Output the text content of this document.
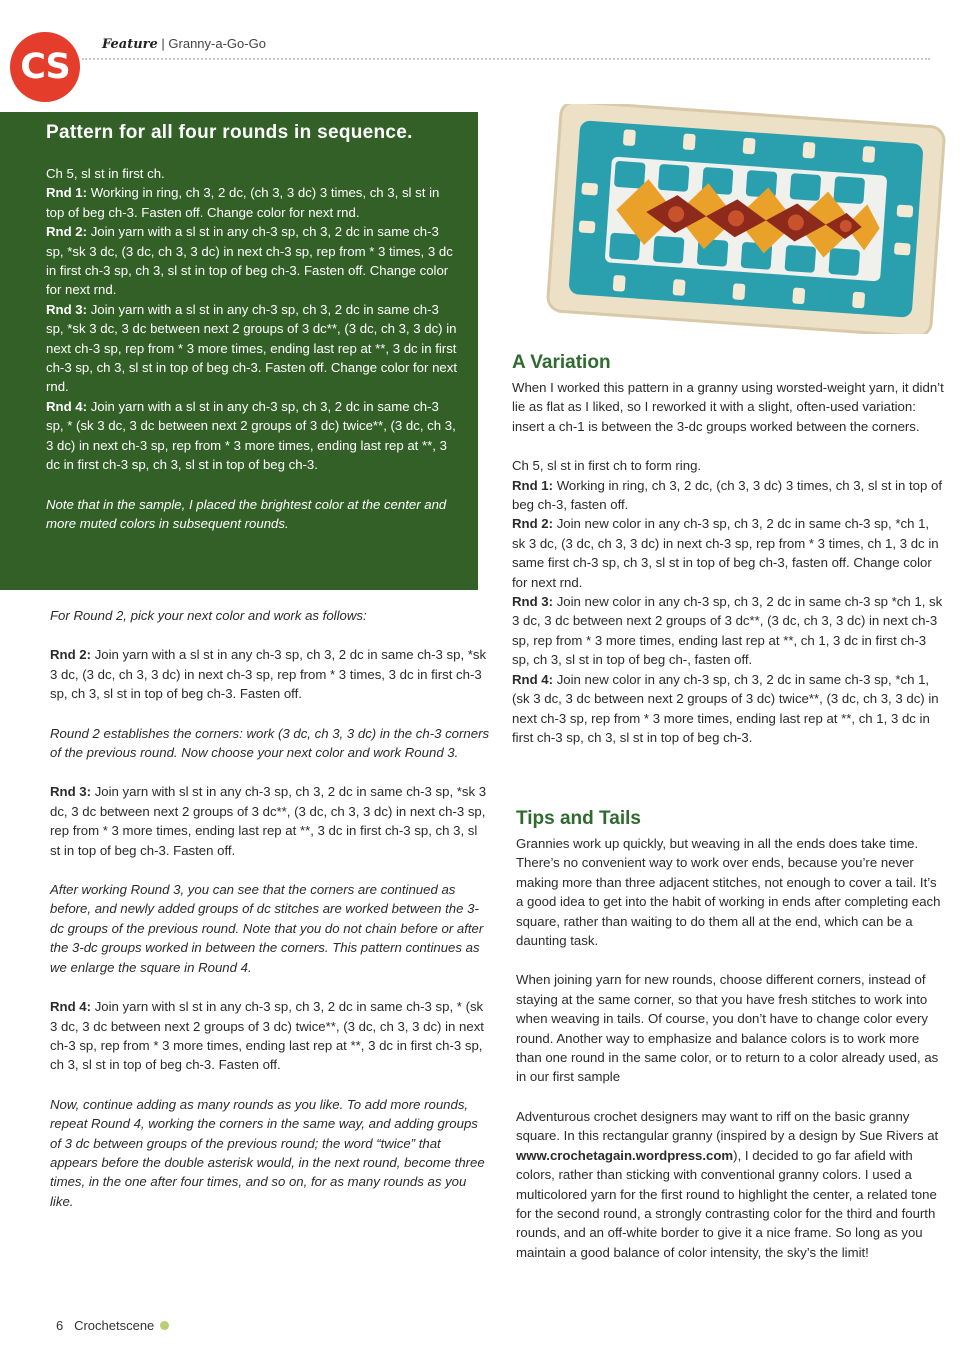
CS
Feature | Granny-a-Go-Go
Pattern for all four rounds in sequence.

Ch 5, sl st in first ch.

Rnd 1: Working in ring, ch 3, 2 dc, (ch 3, 3 dc) 3 times, ch 3, sl st in top of beg ch-3. Fasten off. Change color for next rnd.

Rnd 2: Join yarn with a sl st in any ch-3 sp, ch 3, 2 dc in same ch-3 sp, *sk 3 dc, (3 dc, ch 3, 3 dc) in next ch-3 sp, rep from * 3 times, 3 dc in first ch-3 sp, ch 3, sl st in top of beg ch-3. Fasten off. Change color for next rnd.

Rnd 3: Join yarn with a sl st in any ch-3 sp, ch 3, 2 dc in same ch-3 sp, *sk 3 dc, 3 dc between next 2 groups of 3 dc**, (3 dc, ch 3, 3 dc) in next ch-3 sp, rep from * 3 more times, ending last rep at **, 3 dc in first ch-3 sp, ch 3, sl st in top of beg ch-3. Fasten off. Change color for next rnd.

Rnd 4: Join yarn with a sl st in any ch-3 sp, ch 3, 2 dc in same ch-3 sp, * (sk 3 dc, 3 dc between next 2 groups of 3 dc) twice**, (3 dc, ch 3, 3 dc) in next ch-3 sp, rep from * 3 more times, ending last rep at **, 3 dc in first ch-3 sp, ch 3, sl st in top of beg ch-3.

Note that in the sample, I placed the brightest color at the center and more muted colors in subsequent rounds.

For Round 2, pick your next color and work as follows:

Rnd 2: Join yarn with a sl st in any ch-3 sp, ch 3, 2 dc in same ch-3 sp, *sk 3 dc, (3 dc, ch 3, 3 dc) in next ch-3 sp, rep from * 3 times, 3 dc in first ch-3 sp, ch 3, sl st in top of beg ch-3. Fasten off.

Round 2 establishes the corners: work (3 dc, ch 3, 3 dc) in the ch-3 corners of the previous round. Now choose your next color and work Round 3.

Rnd 3: Join yarn with sl st in any ch-3 sp, ch 3, 2 dc in same ch-3 sp, *sk 3 dc, 3 dc between next 2 groups of 3 dc**, (3 dc, ch 3, 3 dc) in next ch-3 sp, rep from * 3 more times, ending last rep at **, 3 dc in first ch-3 sp, ch 3, sl st in top of beg ch-3. Fasten off.

After working Round 3, you can see that the corners are continued as before, and newly added groups of dc stitches are worked between the 3-dc groups of the previous round. Note that you do not chain before or after the 3-dc groups worked in between the corners. This pattern continues as we enlarge the square in Round 4.

Rnd 4: Join yarn with sl st in any ch-3 sp, ch 3, 2 dc in same ch-3 sp, * (sk 3 dc, 3 dc between next 2 groups of 3 dc) twice**, (3 dc, ch 3, 3 dc) in next ch-3 sp, rep from * 3 more times, ending last rep at **, 3 dc in first ch-3 sp, ch 3, sl st in top of beg ch-3. Fasten off.

Now, continue adding as many rounds as you like. To add more rounds, repeat Round 4, working the corners in the same way, and adding groups of 3 dc between groups of the previous round; the word “twice” that appears before the double asterisk would, in the next round, become three times, in the one after four times, and so on, for as many rounds as you like.

A Variation

When I worked this pattern in a granny using worsted-weight yarn, it didn’t lie as flat as I liked, so I reworked it with a slight, often-used variation: insert a ch-1 is between the 3-dc groups worked between the corners.

Ch 5, sl st in first ch to form ring.

Rnd 1: Working in ring, ch 3, 2 dc, (ch 3, 3 dc) 3 times, ch 3, sl st in top of beg ch-3, fasten off.

Rnd 2: Join new color in any ch-3 sp, ch 3, 2 dc in same ch-3 sp, *ch 1, sk 3 dc, (3 dc, ch 3, 3 dc) in next ch-3 sp, rep from * 3 times, ch 1, 3 dc in same first ch-3 sp, ch 3, sl st in top of beg ch-3, fasten off. Change color for next rnd.

Rnd 3: Join new color in any ch-3 sp, ch 3, 2 dc in same ch-3 sp *ch 1, sk 3 dc, 3 dc between next 2 groups of 3 dc**, (3 dc, ch 3, 3 dc) in next ch-3 sp, rep from * 3 more times, ending last rep at **, ch 1, 3 dc in first ch-3 sp, ch 3, sl st in top of beg ch-, fasten off.

Rnd 4: Join new color in any ch-3 sp, ch 3, 2 dc in same ch-3 sp, *ch 1, (sk 3 dc, 3 dc between next 2 groups of 3 dc) twice**, (3 dc, ch 3, 3 dc) in next ch-3 sp, rep from * 3 more times, ending last rep at **, ch 1, 3 dc in first ch-3 sp, ch 3, sl st in top of beg ch-3.

Tips and Tails

Grannies work up quickly, but weaving in all the ends does take time. There’s no convenient way to work over ends, because you’re never making more than three adjacent stitches, not enough to cover a tail. It’s a good idea to get into the habit of working in ends after completing each square, rather than waiting to do them all at the end, which can be a daunting task.

When joining yarn for new rounds, choose different corners, instead of staying at the same corner, so that you have fresh stitches to work into when weaving in tails. Of course, you don’t have to change color every round. Another way to emphasize and balance colors is to work more than one round in the same color, or to return to a color already used, as in our first sample

Adventurous crochet designers may want to riff on the basic granny square. In this rectangular granny (inspired by a design by Sue Rivers at www.crochetagain.wordpress.com), I decided to go far afield with colors, rather than sticking with conventional granny colors. I used a multicolored yarn for the first round to highlight the center, a related tone for the second round, a strongly contrasting color for the third and fourth rounds, and an off-white border to give it a nice frame. So long as you maintain a good balance of color intensity, the sky’s the limit!

6 Crochetscene
